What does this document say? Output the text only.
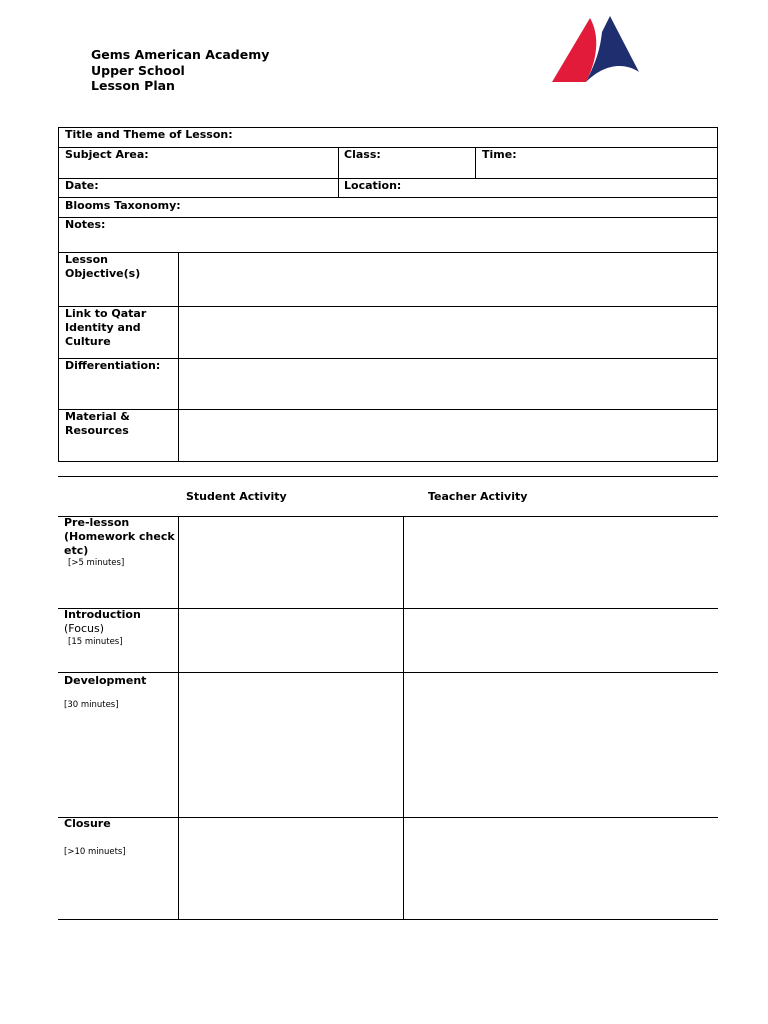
Gems American Academy
Upper School
Lesson Plan
Title and Theme of Lesson:
Subject Area:	Class:	Time:
Date:	Location:
Blooms Taxonomy:
Notes:
Lesson
Objective(s)
Link to Qatar
Identity and
Culture
Differentiation:
Material &
Resources
Student Activity	Teacher Activity
Pre-lesson
(Homework check
etc)
[>5 minutes]
Introduction
(Focus)
[15 minutes]
Development
[30 minutes]
Closure
[>10 minuets]
